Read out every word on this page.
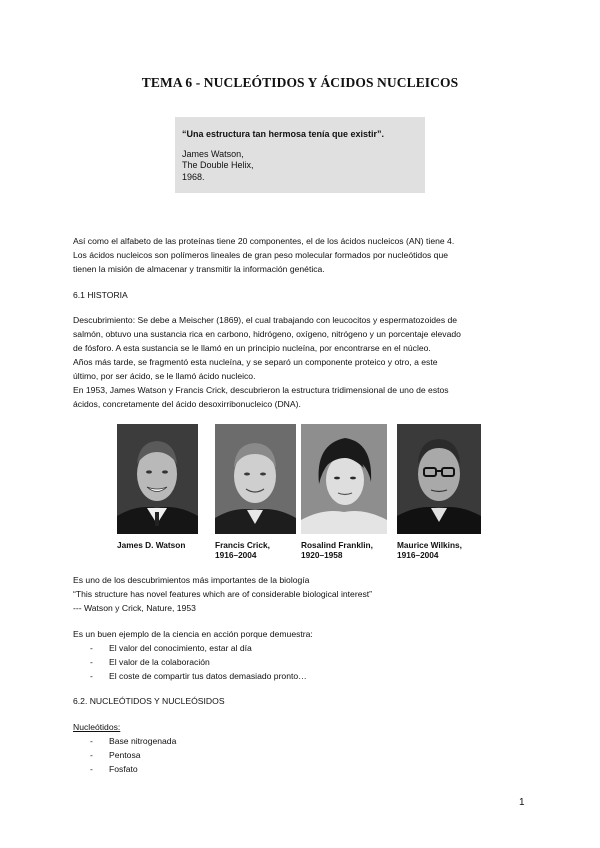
TEMA 6 - NUCLEÓTIDOS Y ÁCIDOS NUCLEICOS
“Una estructura tan hermosa tenía que existir”.
James Watson,
The Double Helix,
1968.
Así como el alfabeto de las proteínas tiene 20 componentes, el de los ácidos nucleicos (AN) tiene 4.
Los ácidos nucleicos son polímeros lineales de gran peso molecular formados por nucleótidos que
tienen la misión de almacenar y transmitir la información genética.
6.1 HISTORIA
Descubrimiento: Se debe a Meischer (1869), el cual trabajando con leucocitos y espermatozoides de
salmón, obtuvo una sustancia rica en carbono, hidrógeno, oxígeno, nitrógeno y un porcentaje elevado
de fósforo. A esta sustancia se le llamó en un principio nucleína, por encontrarse en el núcleo.
Años más tarde, se fragmentó esta nucleína, y se separó un componente proteico y otro, a este
último, por ser ácido, se le llamó ácido nucleico.
En 1953, James Watson y Francis Crick, descubrieron la estructura tridimensional de uno de estos
ácidos, concretamente del ácido desoxirribonucleico (DNA).
James D. Watson	Francis Crick,
1916–2004
Rosalind Franklin,
1920–1958
Maurice Wilkins,
1916–2004
Es uno de los descubrimientos más importantes de la biología
“This structure has novel features which are of considerable biological interest”
--- Watson y Crick, Nature, 1953
Es un buen ejemplo de la ciencia en acción porque demuestra:
-	El valor del conocimiento, estar al día
-	El valor de la colaboración
-	El coste de compartir tus datos demasiado pronto…
6.2. NUCLEÓTIDOS Y NUCLEÓSIDOS
Nucleótidos:
-	Base nitrogenada
-	Pentosa
-	Fosfato
1
